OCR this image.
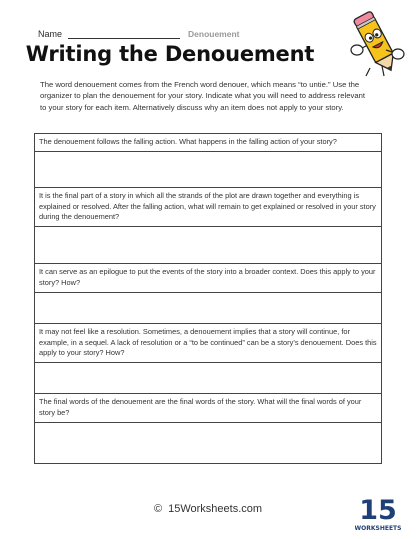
Name	Denouement
Writing the Denouement
The word denouement comes from the French word denouer, which means “to untie.” Use the organizer to plan the denouement for your story. Indicate what you will need to address relevant to your story for each item. Alternatively discuss why an item does not apply to your story.
The denouement follows the falling action. What happens in the falling action of your story?
It is the final part of a story in which all the strands of the plot are drawn together and everything is explained or resolved. After the falling action, what will remain to get explained or resolved in your story during the denouement?
It can serve as an epilogue to put the events of the story into a broader context. Does this apply to your story? How?
It may not feel like a resolution. Sometimes, a denouement implies that a story will continue, for example, in a sequel. A lack of resolution or a “to be continued” can be a story’s denouement. Does this apply to your story? How?
The final words of the denouement are the final words of the story. What will the final words of your story be?
© 15Worksheets.com	15
WORKSHEETS
